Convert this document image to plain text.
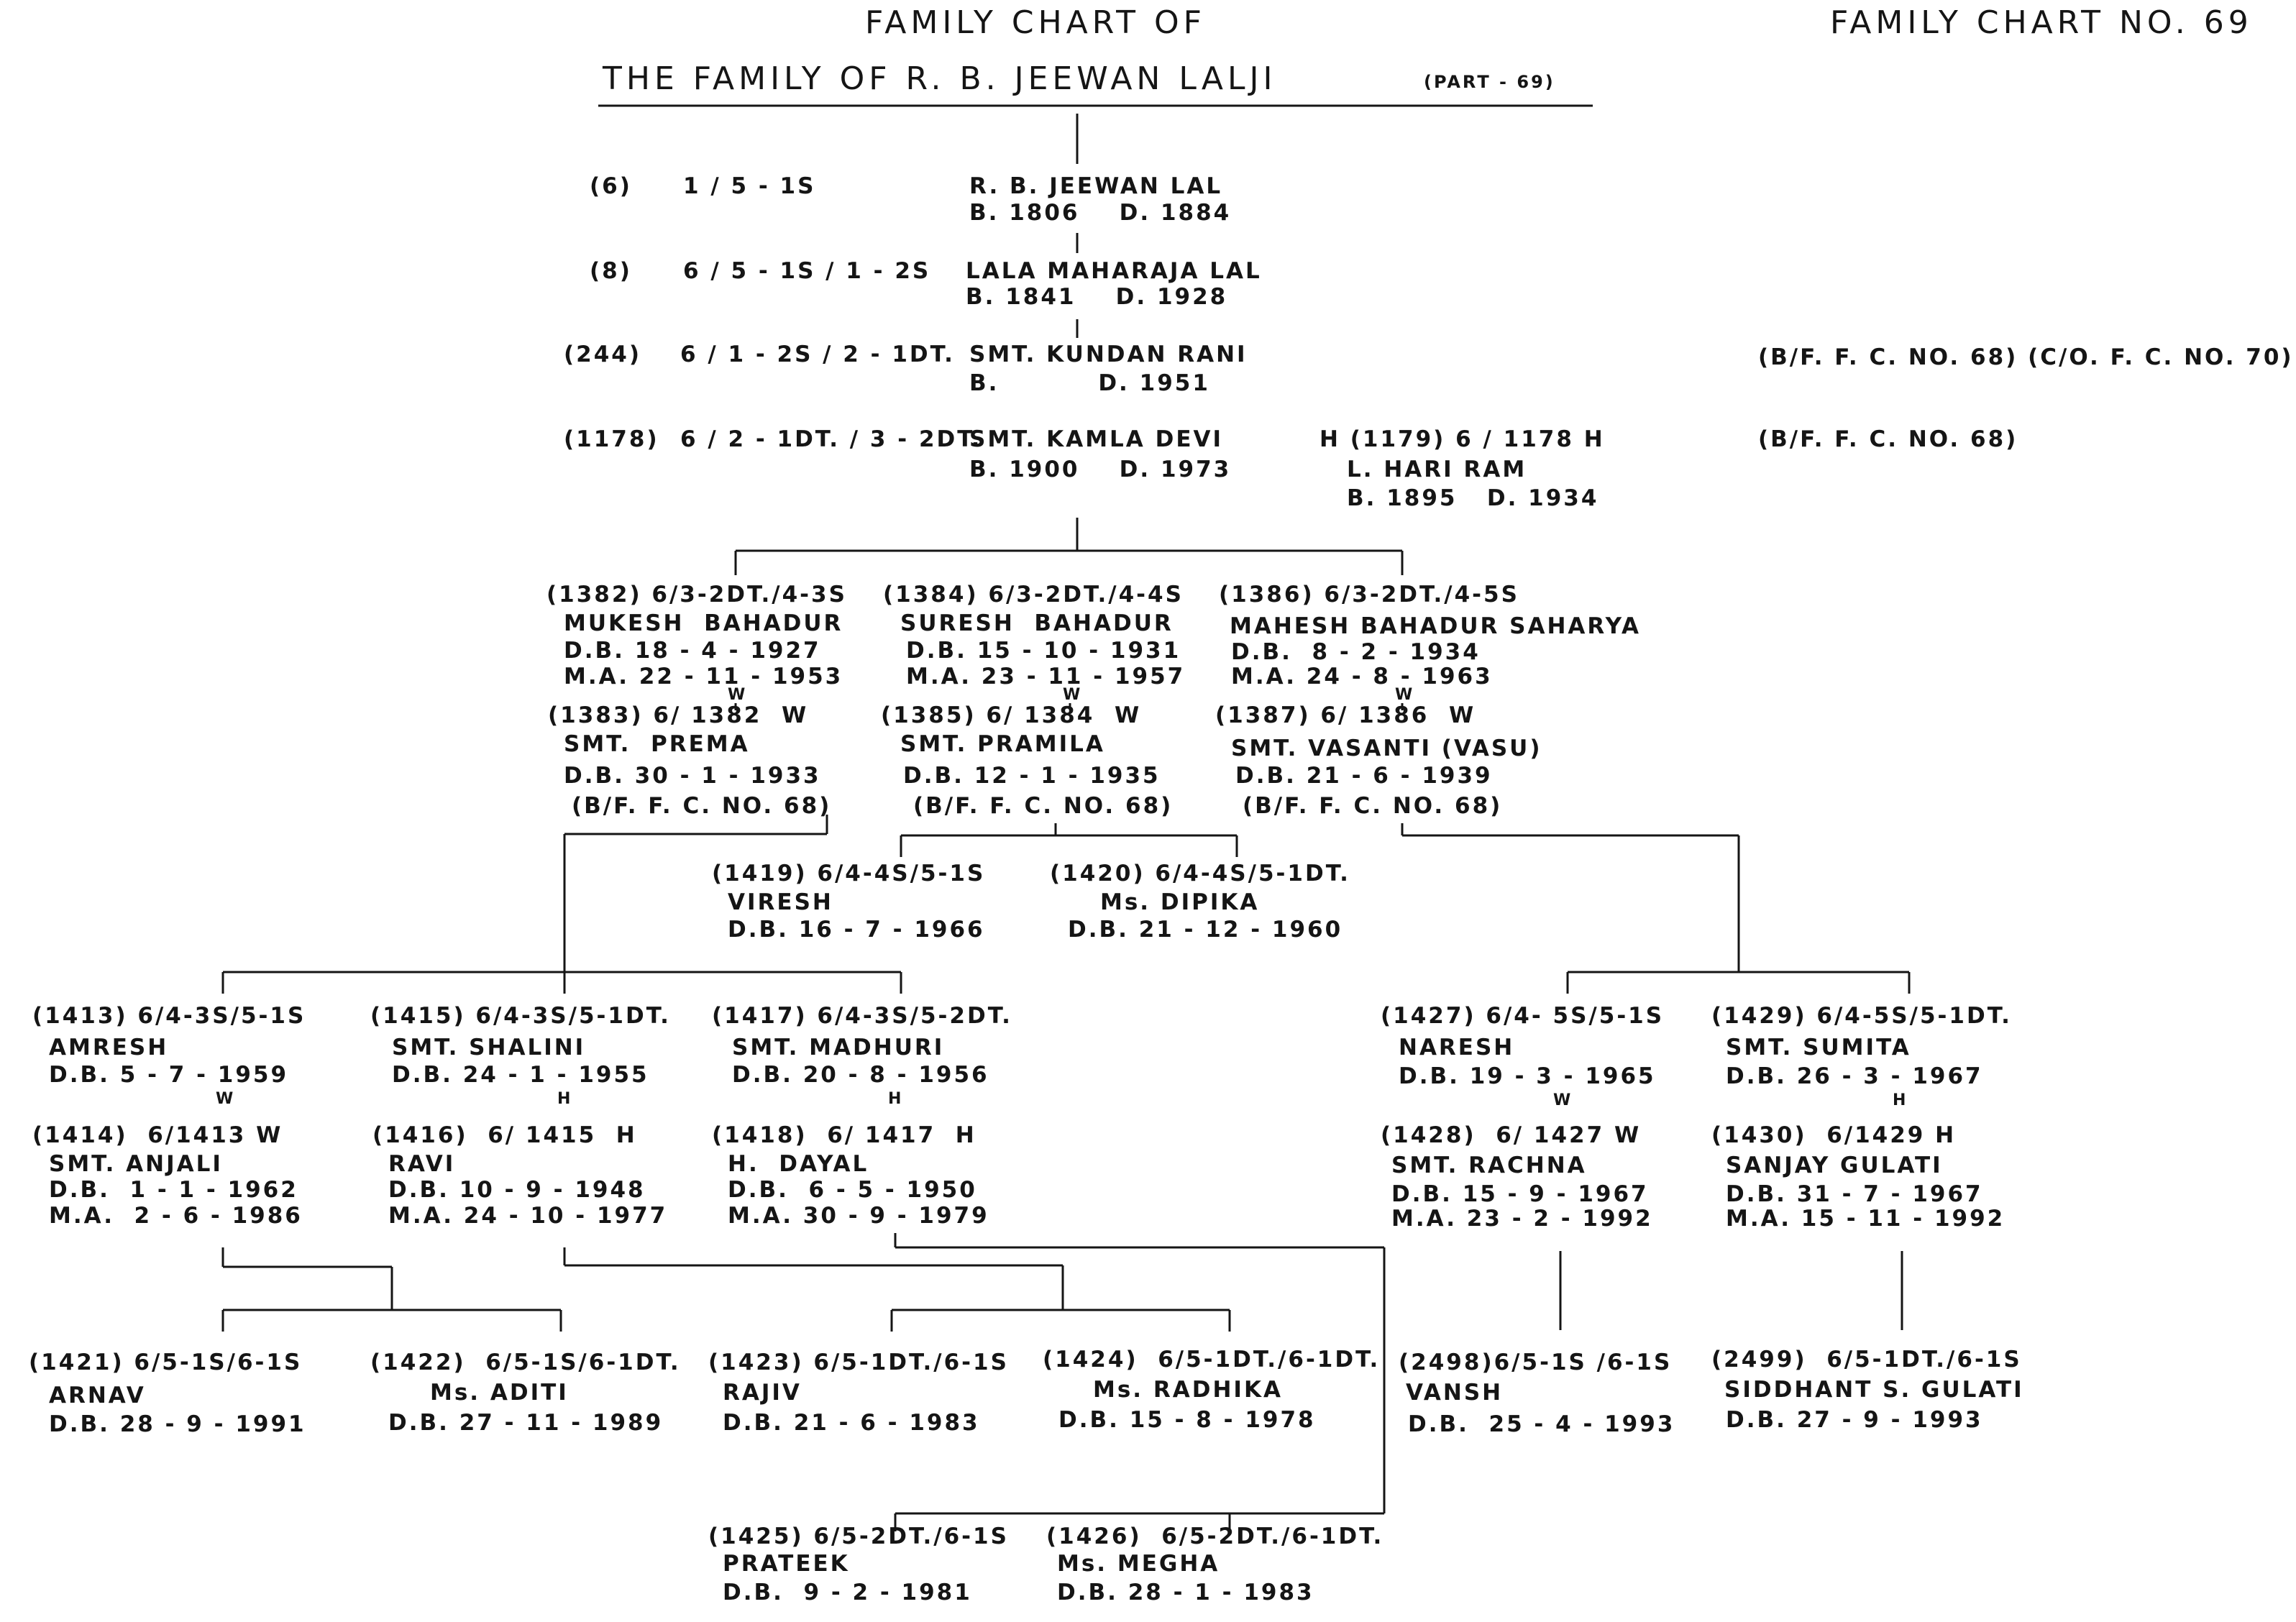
FAMILY CHART OF
THE FAMILY OF R. B. JEEWAN LALJI	(PART - 69)
FAMILY CHART NO. 69
(6) 1 / 5 - 1S	R. B. JEEWAN LAL
B. 1806    D. 1884
(8) 6 / 5 - 1S / 1 - 2S LALA MAHARAJA LAL
B. 1841    D. 1928
(244) 6 / 1 - 2S / 2 - 1DT. SMT. KUNDAN RANI
B.          D. 1951
(B/F. F. C. NO. 68) (C/O. F. C. NO. 70)
(1178) 6 / 2 - 1DT. / 3 - 2DT.
SMT. KAMLA DEVI
B. 1900    D. 1973
H (1179) 6 / 1178 H
L. HARI RAM
B. 1895   D. 1934
(B/F. F. C. NO. 68)
(1382) 6/3-2DT./4-3S
MUKESH  BAHADUR
D.B. 18 - 4 - 1927
M.A. 22 - 11 - 1953
W
(1383) 6/ 1382  W
SMT.  PREMA
D.B. 30 - 1 - 1933
(B/F. F. C. NO. 68)
(1384) 6/3-2DT./4-4S
SURESH  BAHADUR
D.B. 15 - 10 - 1931
M.A. 23 - 11 - 1957
W
(1385) 6/ 1384  W
SMT. PRAMILA
D.B. 12 - 1 - 1935
(B/F. F. C. NO. 68)
(1386) 6/3-2DT./4-5S
MAHESH BAHADUR SAHARYA
D.B.  8 - 2 - 1934
M.A. 24 - 8 - 1963
W
(1387) 6/ 1386  W
SMT. VASANTI (VASU)
D.B. 21 - 6 - 1939
(B/F. F. C. NO. 68)
(1419) 6/4-4S/5-1S
VIRESH
D.B. 16 - 7 - 1966
(1420) 6/4-4S/5-1DT.
Ms. DIPIKA
D.B. 21 - 12 - 1960
(1413) 6/4-3S/5-1S
AMRESH
D.B. 5 - 7 - 1959
W
(1414)  6/1413 W
SMT. ANJALI
D.B.  1 - 1 - 1962
M.A.  2 - 6 - 1986
(1415) 6/4-3S/5-1DT.
SMT. SHALINI
D.B. 24 - 1 - 1955
H
(1416)  6/ 1415  H
RAVI
D.B. 10 - 9 - 1948
M.A. 24 - 10 - 1977
(1417) 6/4-3S/5-2DT.
SMT. MADHURI
D.B. 20 - 8 - 1956
H
(1418)  6/ 1417  H
H.  DAYAL
D.B.  6 - 5 - 1950
M.A. 30 - 9 - 1979
(1427) 6/4- 5S/5-1S
NARESH
D.B. 19 - 3 - 1965
W
(1428)  6/ 1427 W
SMT. RACHNA
D.B. 15 - 9 - 1967
M.A. 23 - 2 - 1992
(1429) 6/4-5S/5-1DT.
SMT. SUMITA
D.B. 26 - 3 - 1967
H
(1430)  6/1429 H
SANJAY GULATI
D.B. 31 - 7 - 1967
M.A. 15 - 11 - 1992
(1421) 6/5-1S/6-1S
ARNAV
D.B. 28 - 9 - 1991
(1422)  6/5-1S/6-1DT.
Ms. ADITI
D.B. 27 - 11 - 1989
(1423) 6/5-1DT./6-1S
RAJIV
D.B. 21 - 6 - 1983
(1424)  6/5-1DT./6-1DT.
Ms. RADHIKA
D.B. 15 - 8 - 1978
(2498)6/5-1S /6-1S
VANSH
D.B.  25 - 4 - 1993
(2499)  6/5-1DT./6-1S
SIDDHANT S. GULATI
D.B. 27 - 9 - 1993
(1425) 6/5-2DT./6-1S
PRATEEK
D.B.  9 - 2 - 1981
(1426)  6/5-2DT./6-1DT.
Ms. MEGHA
D.B. 28 - 1 - 1983
